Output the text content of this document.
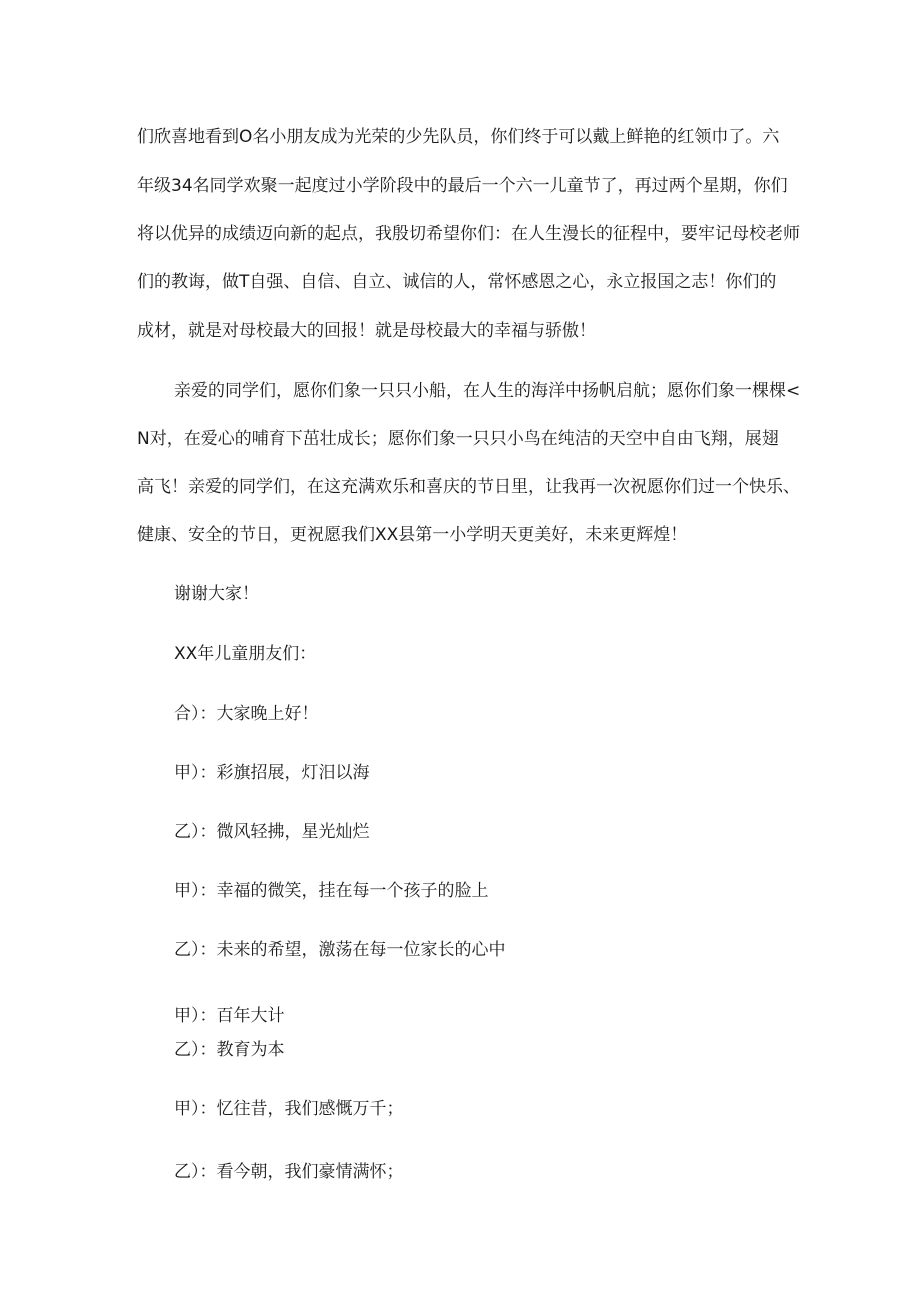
们欣喜地看到O名小朋友成为光荣的少先队员，你们终于可以戴上鲜艳的红领巾了。六
年级34名同学欢聚一起度过小学阶段中的最后一个六一儿童节了，再过两个星期，你们
将以优异的成绩迈向新的起点，我殷切希望你们：在人生漫长的征程中，要牢记母校老师
们的教诲，做T自强、自信、自立、诚信的人，常怀感恩之心，永立报国之志！你们的
成材，就是对母校最大的回报！就是母校最大的幸福与骄傲！
亲爱的同学们，愿你们象一只只小船，在人生的海洋中扬帆启航；愿你们象一棵棵<
N对，在爱心的哺育下茁壮成长；愿你们象一只只小鸟在纯洁的天空中自由飞翔，展翅
高飞！亲爱的同学们，在这充满欢乐和喜庆的节日里，让我再一次祝愿你们过一个快乐、
健康、安全的节日，更祝愿我们XX县第一小学明天更美好，未来更辉煌！
谢谢大家！
XX年儿童朋友们：
合）：大家晚上好！
甲）：彩旗招展，灯汨以海
乙）：微风轻拂，星光灿烂
甲）：幸福的微笑，挂在每一个孩子的脸上
乙）：未来的希望，激荡在每一位家长的心中
甲）：百年大计
乙）：教育为本
甲）：忆往昔，我们感慨万千；
乙）：看今朝，我们豪情满怀；
